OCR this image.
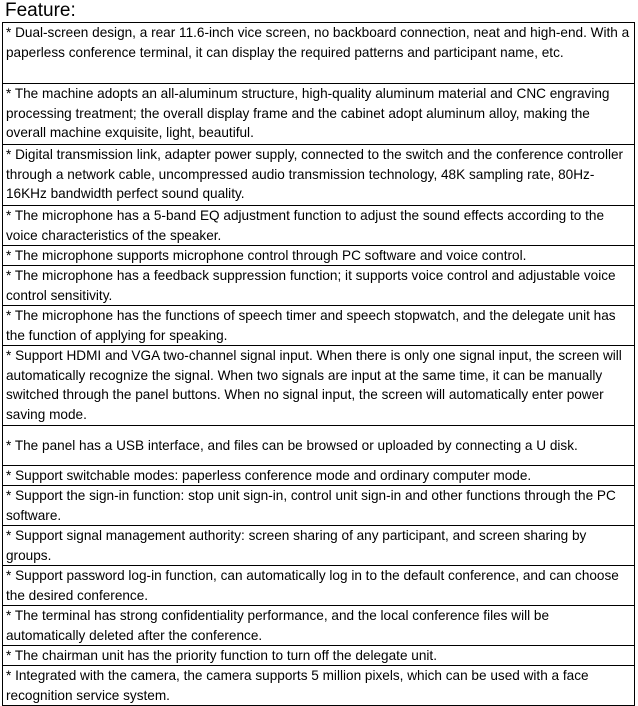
Feature:
* Dual-screen design, a rear 11.6-inch vice screen, no backboard connection, neat and high-end. With a paperless conference terminal, it can display the required patterns and participant name, etc.
* The machine adopts an all-aluminum structure, high-quality aluminum material and CNC engraving processing treatment; the overall display frame and the cabinet adopt aluminum alloy, making the overall machine exquisite, light, beautiful.
* Digital transmission link, adapter power supply, connected to the switch and the conference controller through a network cable, uncompressed audio transmission technology, 48K sampling rate, 80Hz-16KHz bandwidth perfect sound quality.
* The microphone has a 5-band EQ adjustment function to adjust the sound effects according to the voice characteristics of the speaker.
* The microphone supports microphone control through PC software and voice control.
* The microphone has a feedback suppression function; it supports voice control and adjustable voice control sensitivity.
* The microphone has the functions of speech timer and speech stopwatch, and the delegate unit has the function of applying for speaking.
* Support HDMI and VGA two-channel signal input. When there is only one signal input, the screen will automatically recognize the signal. When two signals are input at the same time, it can be manually switched through the panel buttons. When no signal input, the screen will automatically enter power saving mode.
* The panel has a USB interface, and files can be browsed or uploaded by connecting a U disk.
* Support switchable modes: paperless conference mode and ordinary computer mode.
* Support the sign-in function: stop unit sign-in, control unit sign-in and other functions through the PC software.
* Support signal management authority: screen sharing of any participant, and screen sharing by groups.
* Support password log-in function, can automatically log in to the default conference, and can choose the desired conference.
* The terminal has strong confidentiality performance, and the local conference files will be automatically deleted after the conference.
* The chairman unit has the priority function to turn off the delegate unit.
* Integrated with the camera, the camera supports 5 million pixels, which can be used with a face recognition service system.
